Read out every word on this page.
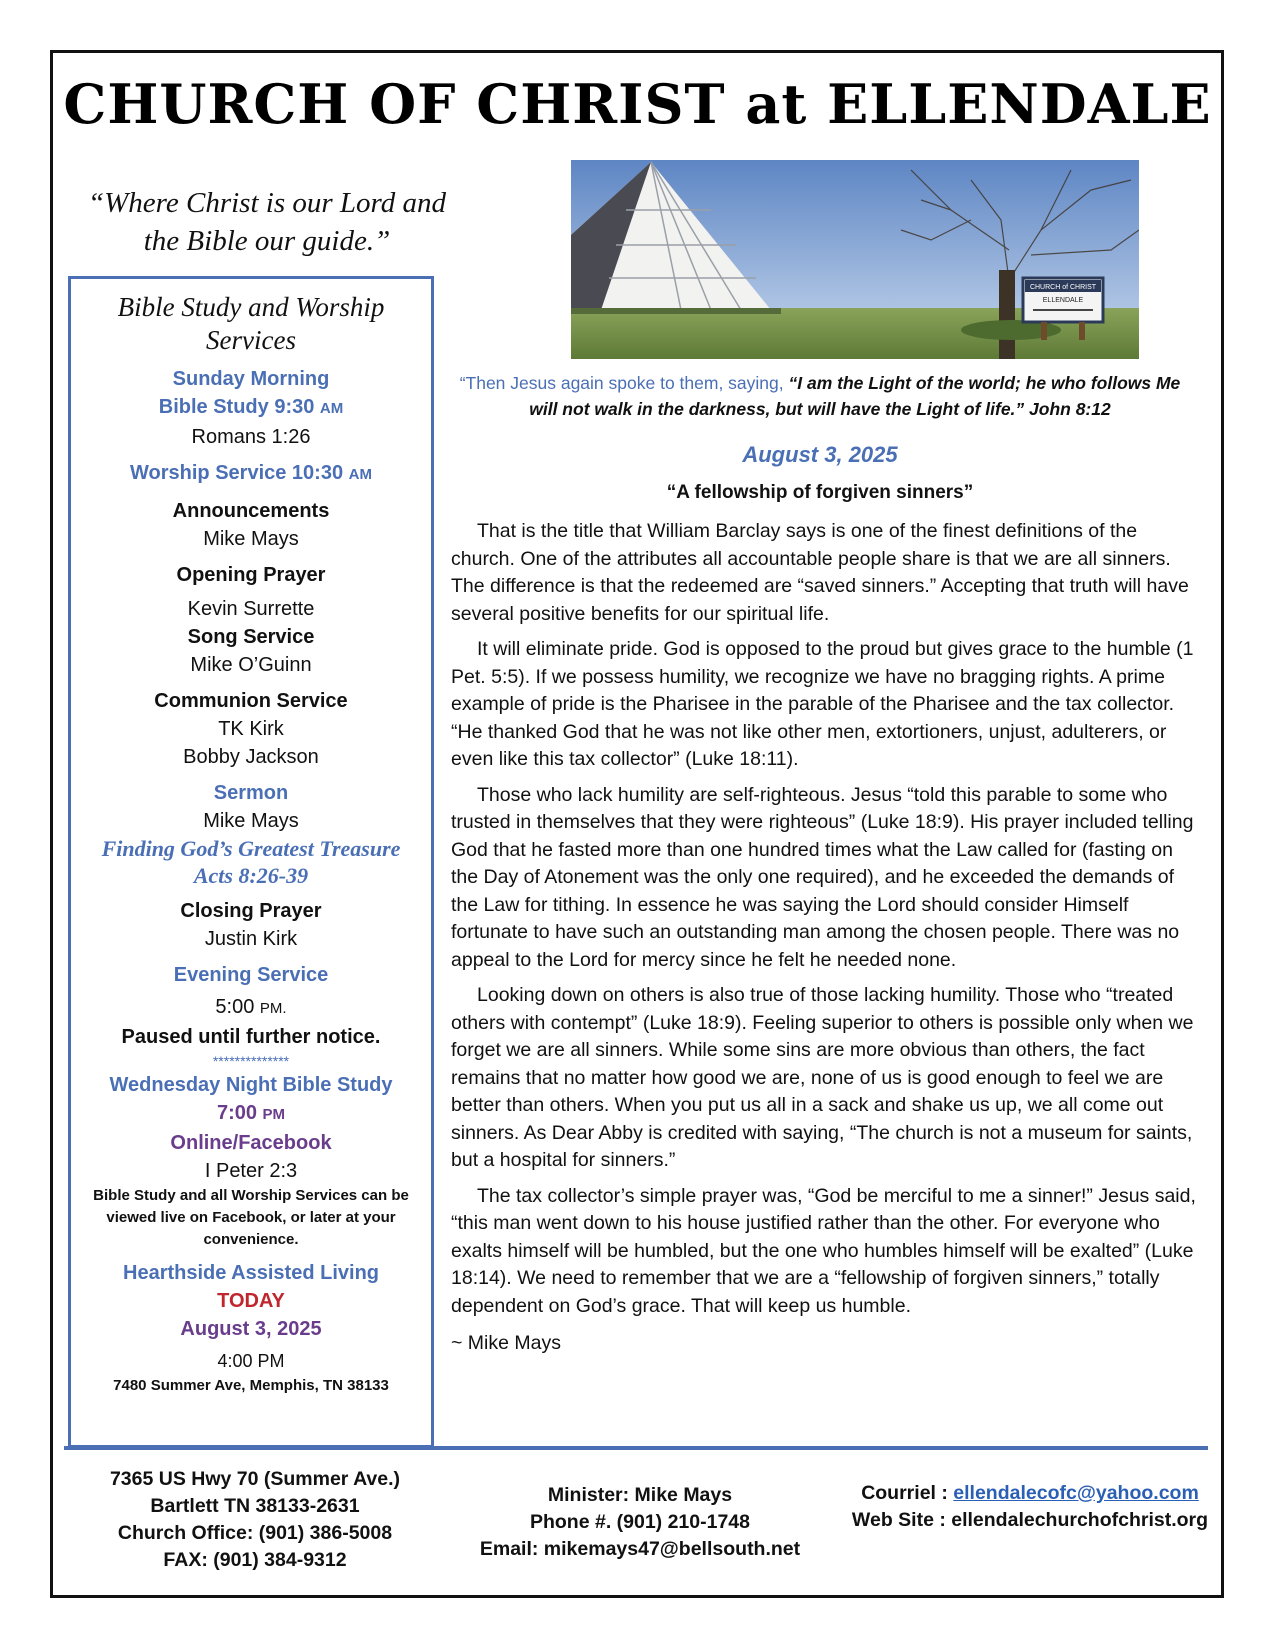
CHURCH OF CHRIST at ELLENDALE
“Where Christ is our Lord and the Bible our guide.”
Bible Study and Worship Services
Sunday Morning
Bible Study 9:30 AM
Romans 1:26
Worship Service 10:30 AM
Announcements
Mike Mays
Opening Prayer
Kevin Surrette
Song Service
Mike O’Guinn
Communion Service
TK Kirk
Bobby Jackson
Sermon
Mike Mays
Finding God’s Greatest Treasure
Acts 8:26-39
Closing Prayer
Justin Kirk
Evening Service
5:00 PM.
Paused until further notice.
**************
Wednesday Night Bible Study
7:00 PM
Online/Facebook
I Peter 2:3
Bible Study and all Worship Services can be viewed live on Facebook, or later at your convenience.
Hearthside Assisted Living
TODAY
August 3, 2025
4:00 PM
7480 Summer Ave, Memphis, TN 38133
CHURCH of CHRIST
ELLENDALE
“Then Jesus again spoke to them, saying, “I am the Light of the world; he who follows Me will not walk in the darkness, but will have the Light of life.” John 8:12
August 3, 2025
“A fellowship of forgiven sinners”

That is the title that William Barclay says is one of the finest definitions of the church. One of the attributes all accountable people share is that we are all sinners. The difference is that the redeemed are “saved sinners.” Accepting that truth will have several positive benefits for our spiritual life.

It will eliminate pride. God is opposed to the proud but gives grace to the humble (1 Pet. 5:5). If we possess humility, we recognize we have no bragging rights. A prime example of pride is the Pharisee in the parable of the Pharisee and the tax collector. “He thanked God that he was not like other men, extortioners, unjust, adulterers, or even like this tax collector” (Luke 18:11).

Those who lack humility are self-righteous. Jesus “told this parable to some who trusted in themselves that they were righteous” (Luke 18:9). His prayer included telling God that he fasted more than one hundred times what the Law called for (fasting on the Day of Atonement was the only one required), and he exceeded the demands of the Law for tithing. In essence he was saying the Lord should consider Himself fortunate to have such an outstanding man among the chosen people. There was no appeal to the Lord for mercy since he felt he needed none.

Looking down on others is also true of those lacking humility. Those who “treated others with contempt” (Luke 18:9). Feeling superior to others is possible only when we forget we are all sinners. While some sins are more obvious than others, the fact remains that no matter how good we are, none of us is good enough to feel we are better than others. When you put us all in a sack and shake us up, we all come out sinners. As Dear Abby is credited with saying, “The church is not a museum for saints, but a hospital for sinners.”

The tax collector’s simple prayer was, “God be merciful to me a sinner!” Jesus said, “this man went down to his house justified rather than the other. For everyone who exalts himself will be humbled, but the one who humbles himself will be exalted” (Luke 18:14). We need to remember that we are a “fellowship of forgiven sinners,” totally dependent on God’s grace. That will keep us humble.

~ Mike Mays

7365 US Hwy 70 (Summer Ave.)
Bartlett TN 38133-2631
Church Office: (901) 386-5008
FAX: (901) 384-9312
Minister: Mike Mays
Phone #. (901) 210-1748
Email: mikemays47@bellsouth.net
Courriel : ellendalecofc@yahoo.com
Web Site : ellendalechurchofchrist.org
